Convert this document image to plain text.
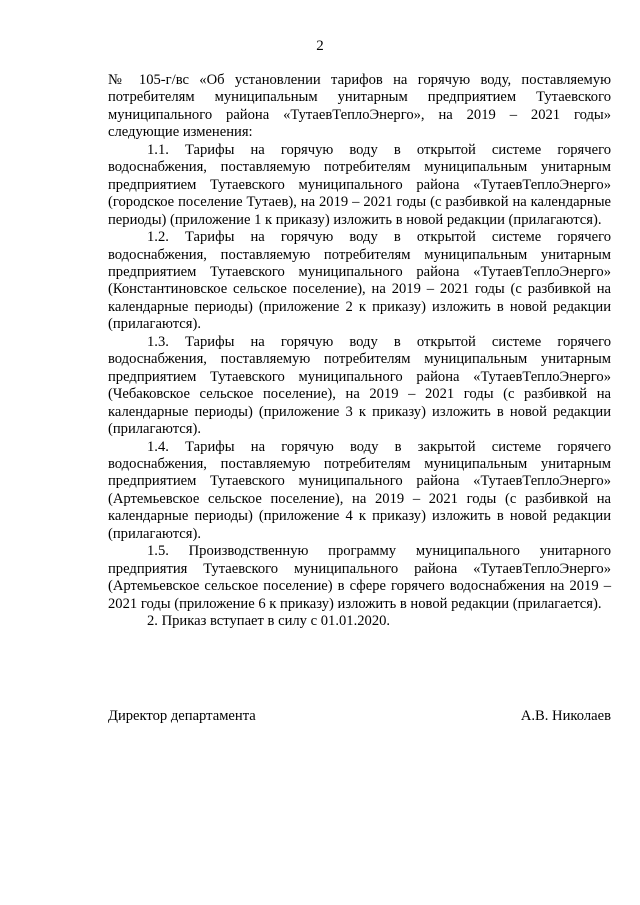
2

№ 105-г/вс «Об установлении тарифов на горячую воду, поставляемую потребителям муниципальным унитарным предприятием Тутаевского муниципального района «ТутаевТеплоЭнерго», на 2019 – 2021 годы» следующие изменения:

1.1. Тарифы на горячую воду в открытой системе горячего водоснабжения, поставляемую потребителям муниципальным унитарным предприятием Тутаевского муниципального района «ТутаевТеплоЭнерго» (городское поселение Тутаев), на 2019 – 2021 годы (с разбивкой на календарные периоды) (приложение 1 к приказу) изложить в новой редакции (прилагаются).

1.2. Тарифы на горячую воду в открытой системе горячего водоснабжения, поставляемую потребителям муниципальным унитарным предприятием Тутаевского муниципального района «ТутаевТеплоЭнерго» (Константиновское сельское поселение), на 2019 – 2021 годы (с разбивкой на календарные периоды) (приложение 2 к приказу) изложить в новой редакции (прилагаются).

1.3. Тарифы на горячую воду в открытой системе горячего водоснабжения, поставляемую потребителям муниципальным унитарным предприятием Тутаевского муниципального района «ТутаевТеплоЭнерго» (Чебаковское сельское поселение), на 2019 – 2021 годы (с разбивкой на календарные периоды) (приложение 3 к приказу) изложить в новой редакции (прилагаются).

1.4. Тарифы на горячую воду в закрытой системе горячего водоснабжения, поставляемую потребителям муниципальным унитарным предприятием Тутаевского муниципального района «ТутаевТеплоЭнерго» (Артемьевское сельское поселение), на 2019 – 2021 годы (с разбивкой на календарные периоды) (приложение 4 к приказу) изложить в новой редакции (прилагаются).

1.5. Производственную программу муниципального унитарного предприятия Тутаевского муниципального района «ТутаевТеплоЭнерго» (Артемьевское сельское поселение) в сфере горячего водоснабжения на 2019 – 2021 годы (приложение 6 к приказу) изложить в новой редакции (прилагается).

2. Приказ вступает в силу с 01.01.2020.

Директор департамента	А.В. Николаев
